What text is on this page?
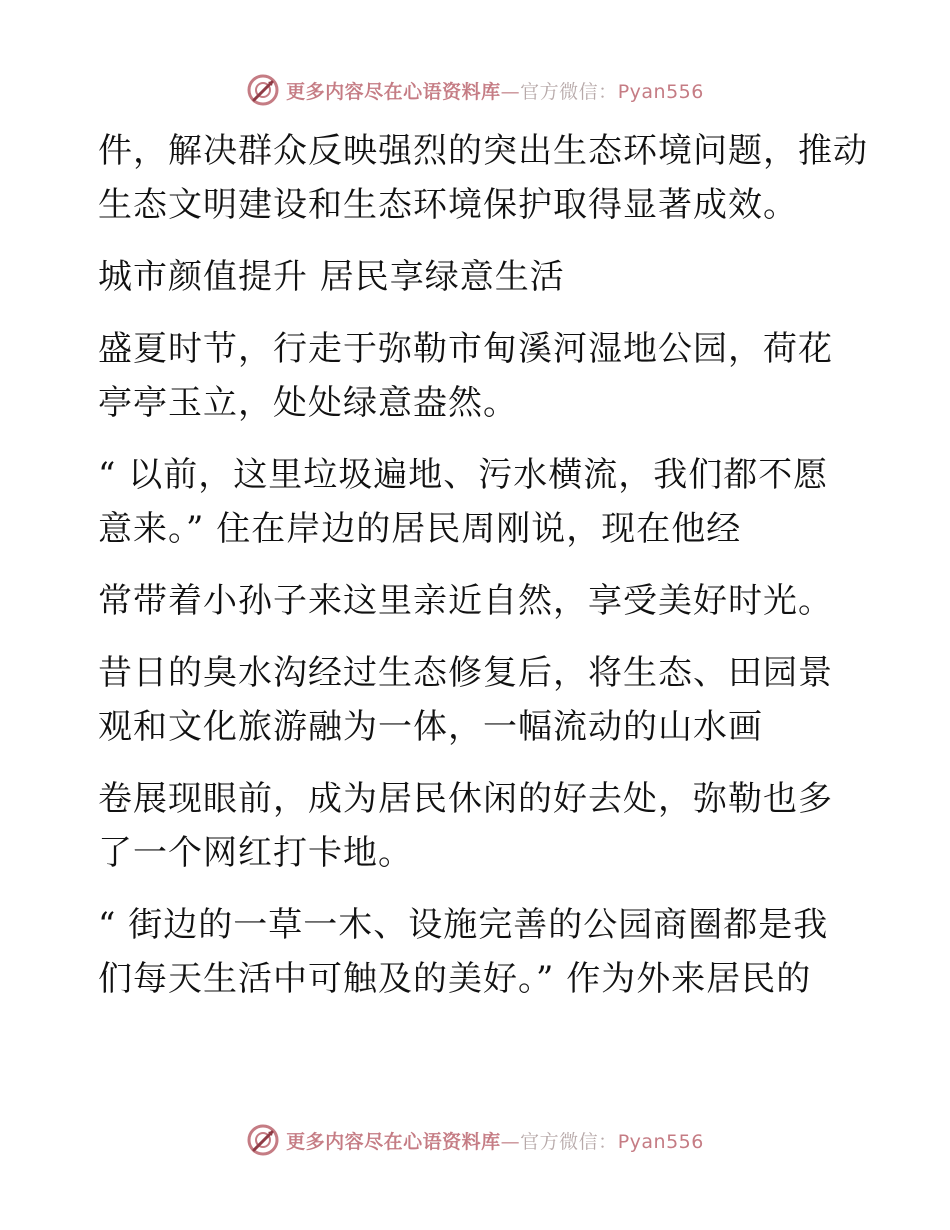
更多内容尽在心语资料库—官方微信：Pyan556
件，解决群众反映强烈的突出生态环境问题，推动
生态文明建设和生态环境保护取得显著成效。
城市颜值提升 居民享绿意生活
盛夏时节，行走于弥勒市甸溪河湿地公园，荷花
亭亭玉立，处处绿意盎然。
“ 以前，这里垃圾遍地、污水横流，我们都不愿
意来。” 住在岸边的居民周刚说，现在他经
常带着小孙子来这里亲近自然，享受美好时光。
昔日的臭水沟经过生态修复后，将生态、田园景
观和文化旅游融为一体，一幅流动的山水画
卷展现眼前，成为居民休闲的好去处，弥勒也多
了一个网红打卡地。
“ 街边的一草一木、设施完善的公园商圈都是我
们每天生活中可触及的美好。” 作为外来居民的
更多内容尽在心语资料库—官方微信：Pyan556
